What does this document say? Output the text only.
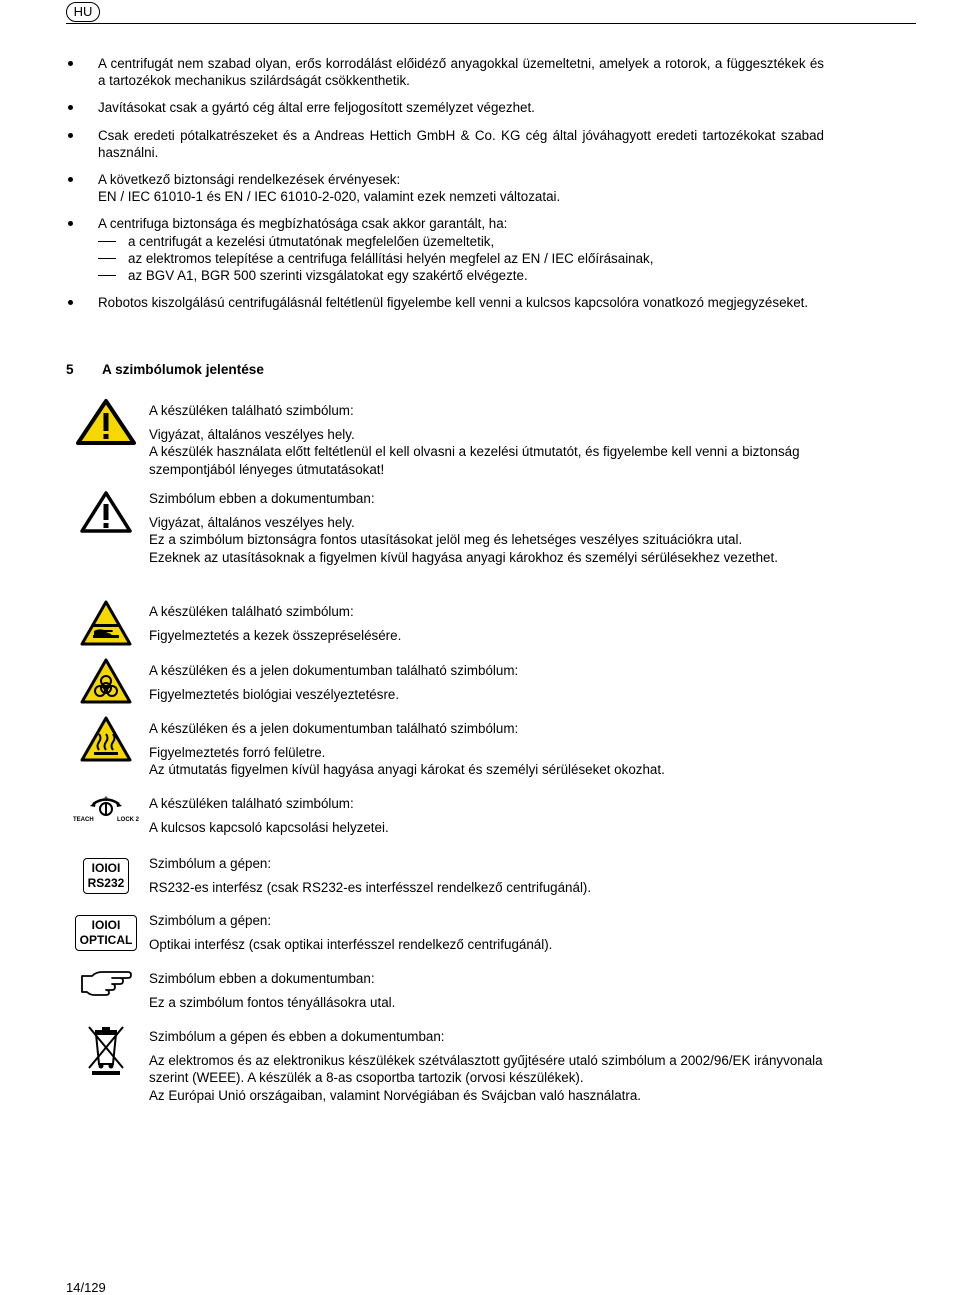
HU
A centrifugát nem szabad olyan, erős korrodálást előidéző anyagokkal üzemeltetni, amelyek a rotorok, a függesztékek és a tartozékok mechanikus szilárdságát csökkenthetik.
Javításokat csak a gyártó cég által erre feljogosított személyzet végezhet.
Csak eredeti pótalkatrészeket és a Andreas Hettich GmbH & Co. KG cég által jóváhagyott eredeti tartozékokat szabad használni.
A következő biztonsági rendelkezések érvényesek:
EN / IEC 61010-1 és EN / IEC 61010-2-020, valamint ezek nemzeti változatai.
A centrifuga biztonsága és megbízhatósága csak akkor garantált, ha:
a centrifugát a kezelési útmutatónak megfelelően üzemeltetik,
az elektromos telepítése a centrifuga felállítási helyén megfelel az EN / IEC előírásainak,
az BGV A1, BGR 500 szerinti vizsgálatokat egy szakértő elvégezte.
Robotos kiszolgálású centrifugálásnál feltétlenül figyelembe kell venni a kulcsos kapcsolóra vonatkozó megjegyzéseket.
5 A szimbólumok jelentése

A készüléken található szimbólum:

Vigyázat, általános veszélyes hely.

A készülék használata előtt feltétlenül el kell olvasni a kezelési útmutatót, és figyelembe kell venni a biztonság szempontjából lényeges útmutatásokat!

Szimbólum ebben a dokumentumban:

Vigyázat, általános veszélyes hely.

Ez a szimbólum biztonságra fontos utasításokat jelöl meg és lehetséges veszélyes szituációkra utal.

Ezeknek az utasításoknak a figyelmen kívül hagyása anyagi károkhoz és személyi sérülésekhez vezethet.

A készüléken található szimbólum:

Figyelmeztetés a kezek összepréselésére.

A készüléken és a jelen dokumentumban található szimbólum:

Figyelmeztetés biológiai veszélyeztetésre.

A készüléken és a jelen dokumentumban található szimbólum:

Figyelmeztetés forró felületre.

Az útmutatás figyelmen kívül hagyása anyagi károkat és személyi sérüléseket okozhat.

0
TEACH	LOCK 2

A készüléken található szimbólum:

A kulcsos kapcsoló kapcsolási helyzetei.

IOIOI
RS232

Szimbólum a gépen:

RS232-es interfész (csak RS232-es interfésszel rendelkező centrifugánál).

IOIOI
OPTICAL

Szimbólum a gépen:

Optikai interfész (csak optikai interfésszel rendelkező centrifugánál).

Szimbólum ebben a dokumentumban:

Ez a szimbólum fontos tényállásokra utal.

Szimbólum a gépen és ebben a dokumentumban:

Az elektromos és az elektronikus készülékek szétválasztott gyűjtésére utaló szimbólum a 2002/96/EK irányvonala szerint (WEEE). A készülék a 8-as csoportba tartozik (orvosi készülékek).

Az Európai Unió országaiban, valamint Norvégiában és Svájcban való használatra.

14/129
